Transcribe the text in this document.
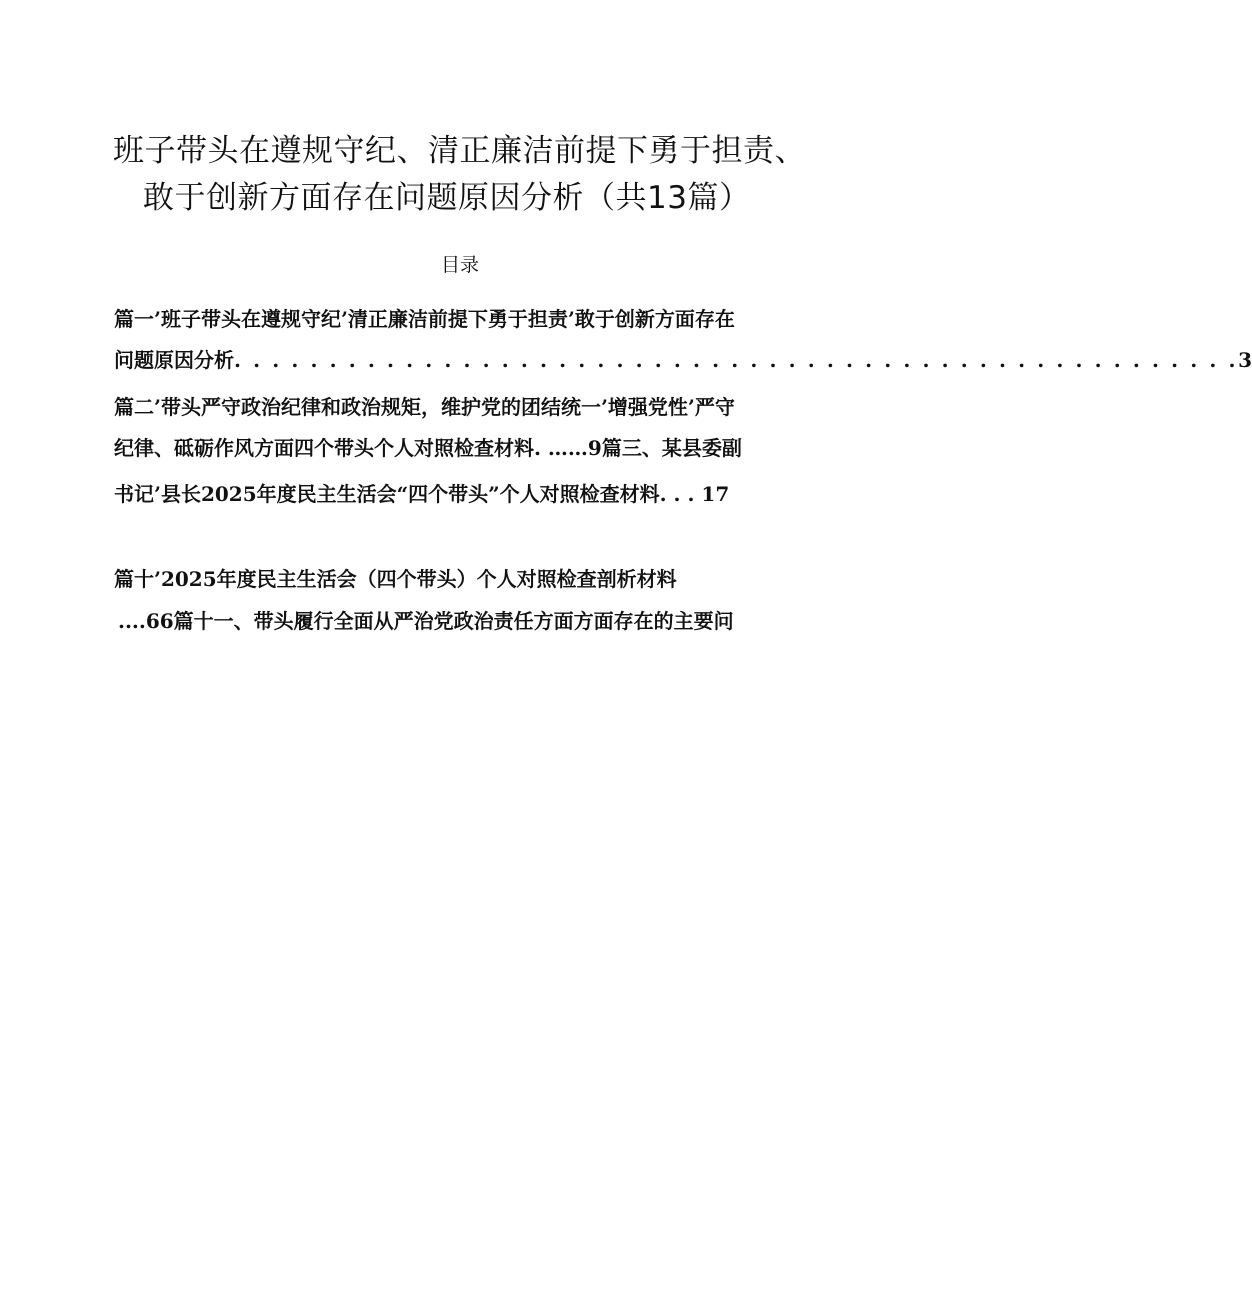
班子带头在遵规守纪、清正廉洁前提下勇于担责、
敢于创新方面存在问题原因分析（共13篇）
目录
篇一’班子带头在遵规守纪’清正廉洁前提下勇于担责’敢于创新方面存在
问题原因分析. . . . . . . . . . . . . . . . . . . . . . . . . . . . . . . . . . . . . . . . . . . . . . . . . . . . .3
篇二’带头严守政治纪律和政治规矩，维护党的团结统一’增强党性’严守
纪律、砥砺作风方面四个带头个人对照检查材料. ……9篇三、某县委副
书记’县长2025年度民主生活会“四个带头”个人对照检查材料. . . 17
篇十’2025年度民主生活会（四个带头）个人对照检查剖析材料
....66篇十一、带头履行全面从严治党政治责任方面方面存在的主要问
